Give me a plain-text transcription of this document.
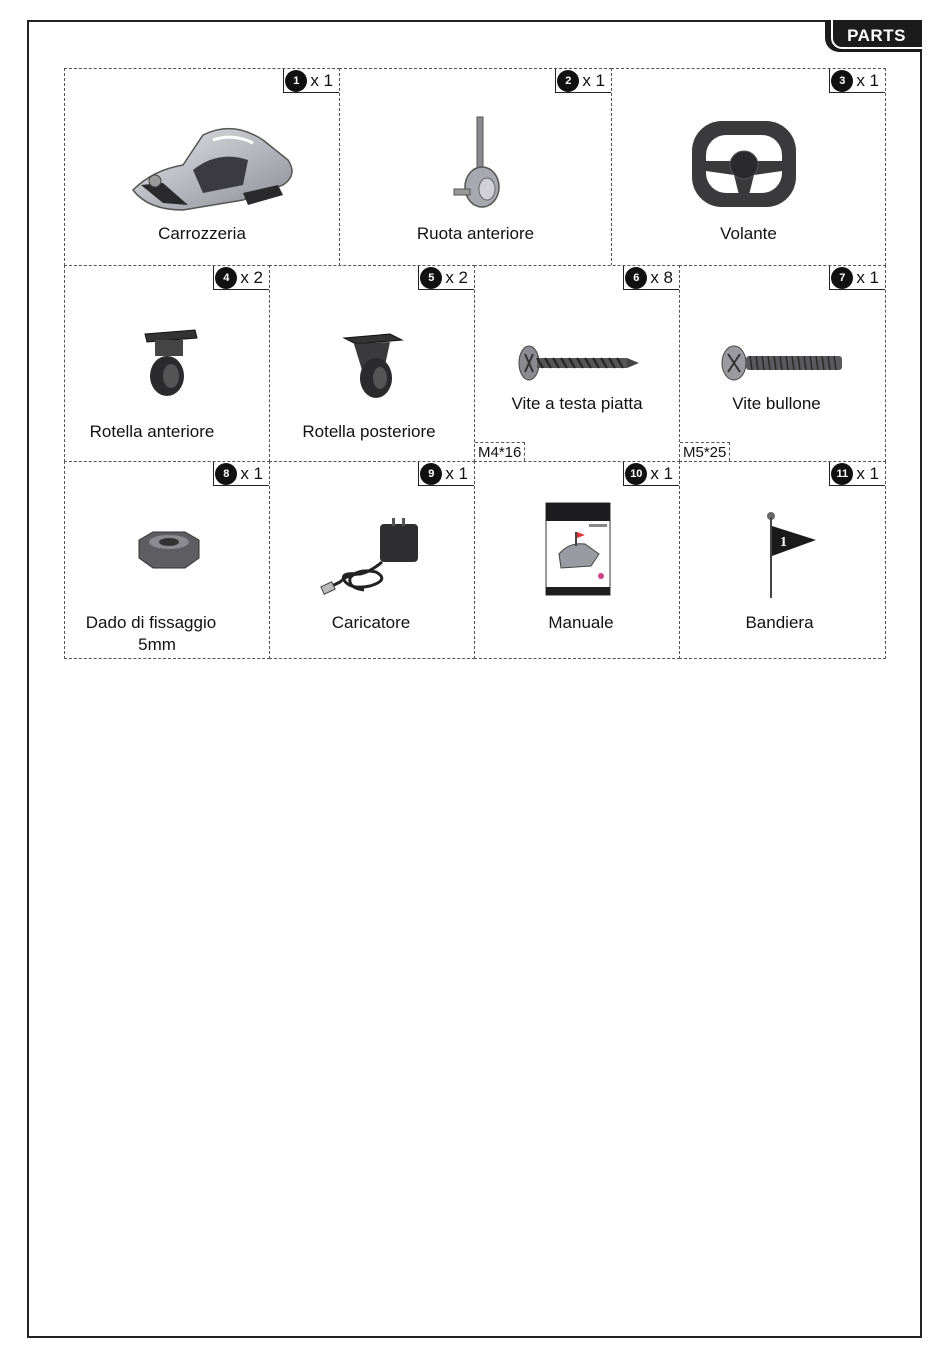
PARTS
1 x 1
Carrozzeria
2 x 1
Ruota anteriore
3 x 1
Volante
4 x 2
Rotella anteriore
5 x 2
Rotella posteriore
6 x 8
Vite a testa piatta
M4*16
7 x 1
Vite bullone
M5*25
8 x 1
Dado di fissaggio
5mm
9 x 1
Caricatore
10 x 1
Manuale
11 x 1
1
Bandiera
